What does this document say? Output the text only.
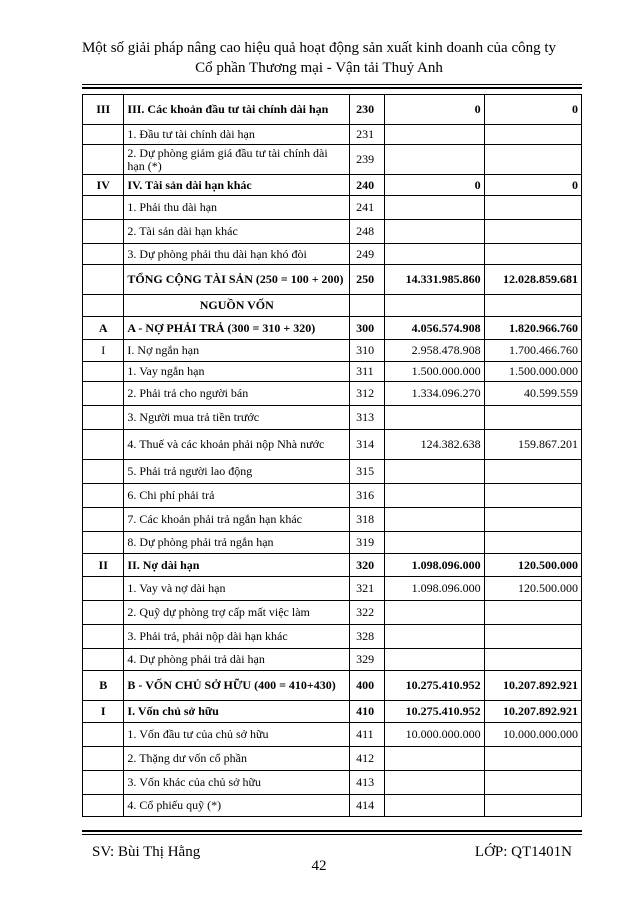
Một số giải pháp nâng cao hiệu quả hoạt động sản xuất kinh doanh của công ty
Cổ phần Thương mại - Vận tải Thuỷ Anh
III	III. Các khoản đầu tư tài chính dài hạn	230	0	0
	1. Đầu tư tài chính dài hạn	231		
	2. Dự phòng giảm giá đầu tư tài chính dài hạn (*)	239		
IV	IV. Tài sản dài hạn khác	240	0	0
	1. Phải thu dài hạn	241		
	2. Tài sản dài hạn khác	248		
	3. Dự phòng phải thu dài hạn khó đòi	249		
	TỔNG CỘNG TÀI SẢN (250 = 100 + 200)	250	14.331.985.860	12.028.859.681
	NGUỒN VỐN			
A	A - NỢ PHẢI TRẢ (300 = 310 + 320)	300	4.056.574.908	1.820.966.760
I	I. Nợ ngắn hạn	310	2.958.478.908	1.700.466.760
	1. Vay ngắn hạn	311	1.500.000.000	1.500.000.000
	2. Phải trả cho người bán	312	1.334.096.270	40.599.559
	3. Người mua trả tiền trước	313		
	4. Thuế và các khoản phải nộp Nhà nước	314	124.382.638	159.867.201
	5. Phải trả người lao động	315		
	6. Chi phí phải trả	316		
	7. Các khoản phải trả ngắn hạn khác	318		
	8. Dự phòng phải trả ngắn hạn	319		
II	II. Nợ dài hạn	320	1.098.096.000	120.500.000
	1. Vay và nợ dài hạn	321	1.098.096.000	120.500.000
	2. Quỹ dự phòng trợ cấp mất việc làm	322		
	3. Phải trả, phải nộp dài hạn khác	328		
	4. Dự phòng phải trả dài hạn	329		
B	B - VỐN CHỦ SỞ HỮU (400 = 410+430)	400	10.275.410.952	10.207.892.921
I	I. Vốn chủ sở hữu	410	10.275.410.952	10.207.892.921
	1. Vốn đầu tư của chủ sở hữu	411	10.000.000.000	10.000.000.000
	2. Thặng dư vốn cổ phần	412		
	3. Vốn khác của chủ sở hữu	413		
	4. Cổ phiếu quỹ (*)	414		
SV: Bùi Thị Hằng	LỚP: QT1401N
42
